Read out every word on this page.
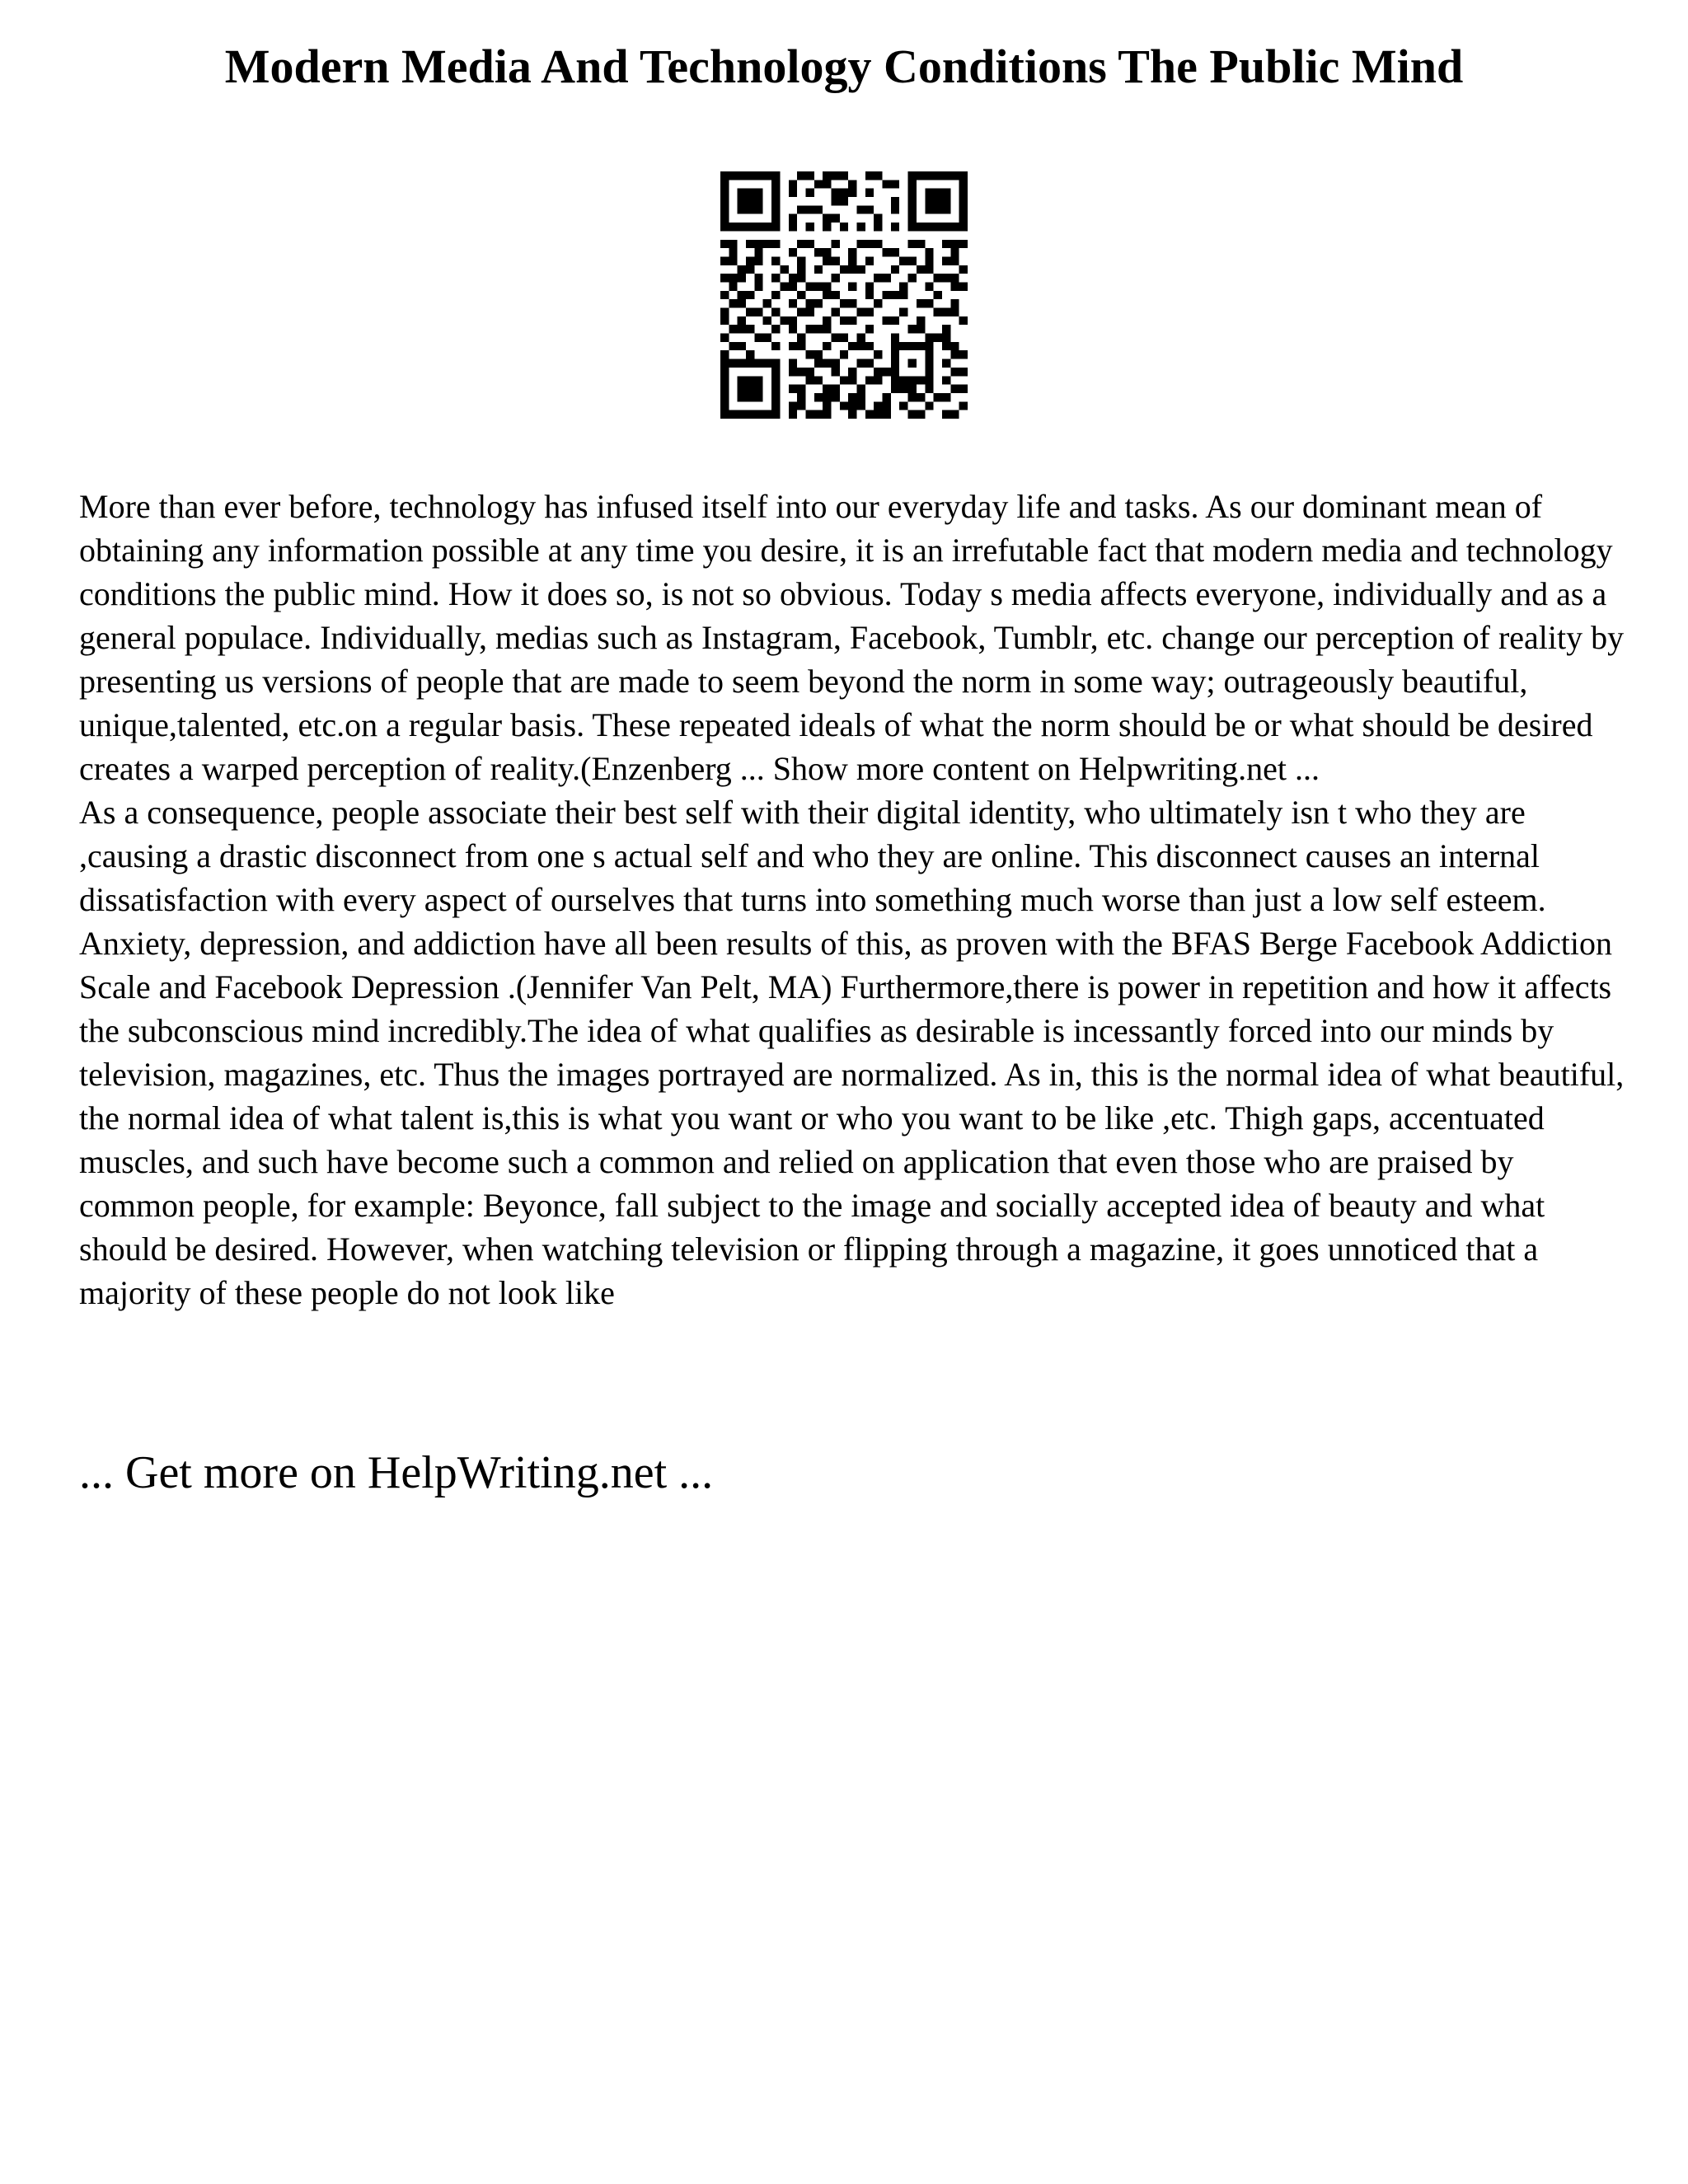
Modern Media And Technology Conditions The Public Mind

More than ever before, technology has infused itself into our everyday life and tasks. As our dominant mean of obtaining any information possible at any time you desire, it is an irrefutable fact that modern media and technology conditions the public mind. How it does so, is not so obvious. Today s media affects everyone, individually and as a general populace. Individually, medias such as Instagram, Facebook, Tumblr, etc. change our perception of reality by presenting us versions of people that are made to seem beyond the norm in some way; outrageously beautiful, unique,talented, etc.on a regular basis. These repeated ideals of what the norm should be or what should be desired creates a warped perception of reality.(Enzenberg ... Show more content on Helpwriting.net ...

As a consequence, people associate their best self with their digital identity, who ultimately isn t who they are ,causing a drastic disconnect from one s actual self and who they are online. This disconnect causes an internal dissatisfaction with every aspect of ourselves that turns into something much worse than just a low self esteem. Anxiety, depression, and addiction have all been results of this, as proven with the BFAS Berge Facebook Addiction Scale and Facebook Depression .(Jennifer Van Pelt, MA) Furthermore,there is power in repetition and how it affects the subconscious mind incredibly.The idea of what qualifies as desirable is incessantly forced into our minds by television, magazines, etc. Thus the images portrayed are normalized. As in, this is the normal idea of what beautiful, the normal idea of what talent is,this is what you want or who you want to be like ,etc. Thigh gaps, accentuated muscles, and such have become such a common and relied on application that even those who are praised by common people, for example: Beyonce, fall subject to the image and socially accepted idea of beauty and what should be desired. However, when watching television or flipping through a magazine, it goes unnoticed that a majority of these people do not look like

... Get more on HelpWriting.net ...
